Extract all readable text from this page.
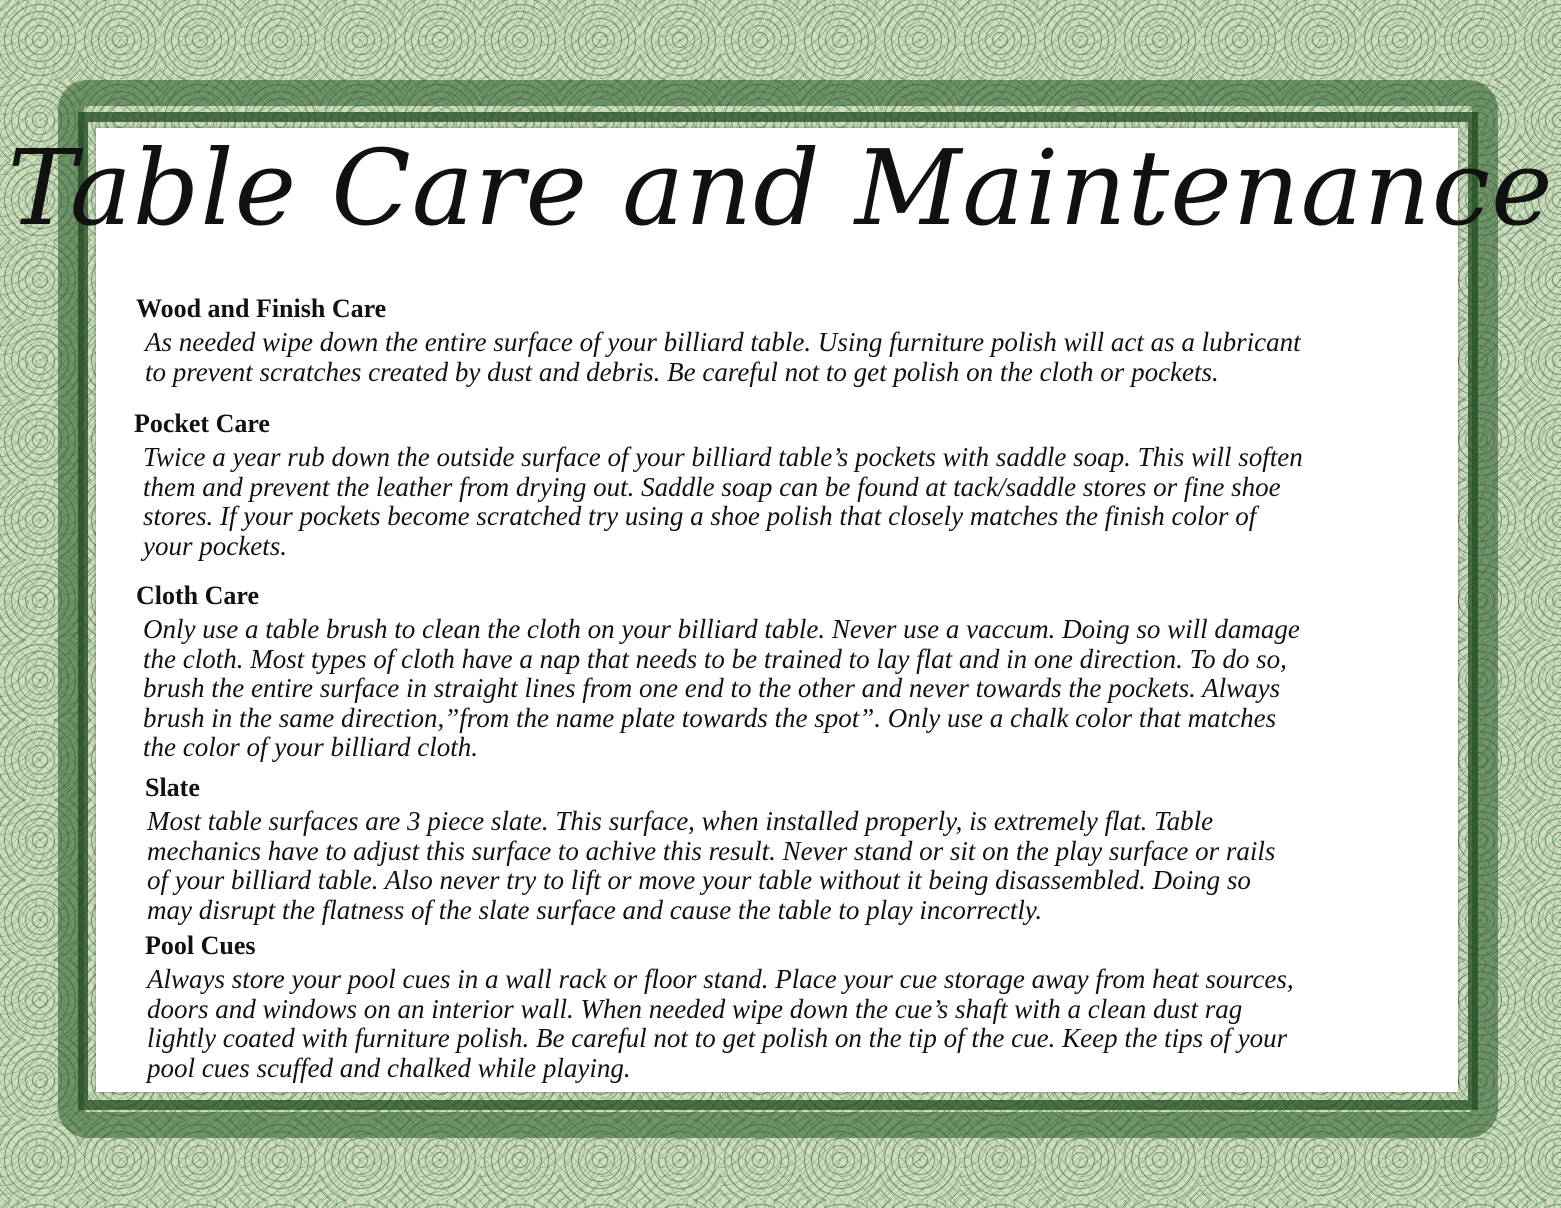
Table Care and Maintenance
Wood and Finish Care

As needed wipe down the entire surface of your billiard table. Using furniture polish will act as a lubricant
to prevent scratches created by dust and debris. Be careful not to get polish on the cloth or pockets.

Pocket Care

Twice a year rub down the outside surface of your billiard table’s pockets with saddle soap. This will soften
them and prevent the leather from drying out. Saddle soap can be found at tack/saddle stores or fine shoe
stores. If your pockets become scratched try using a shoe polish that closely matches the finish color of
your pockets.

Cloth Care

Only use a table brush to clean the cloth on your billiard table. Never use a vaccum. Doing so will damage
the cloth. Most types of cloth have a nap that needs to be trained to lay flat and in one direction. To do so,
brush the entire surface in straight lines from one end to the other and never towards the pockets. Always
brush in the same direction,”from the name plate towards the spot”. Only use a chalk color that matches
the color of your billiard cloth.

Slate

Most table surfaces are 3 piece slate. This surface, when installed properly, is extremely flat. Table
mechanics have to adjust this surface to achive this result. Never stand or sit on the play surface or rails
of your billiard table. Also never try to lift or move your table without it being disassembled. Doing so
may disrupt the flatness of the slate surface and cause the table to play incorrectly.

Pool Cues

Always store your pool cues in a wall rack or floor stand. Place your cue storage away from heat sources,
doors and windows on an interior wall. When needed wipe down the cue’s shaft with a clean dust rag
lightly coated with furniture polish. Be careful not to get polish on the tip of the cue. Keep the tips of your
pool cues scuffed and chalked while playing.
